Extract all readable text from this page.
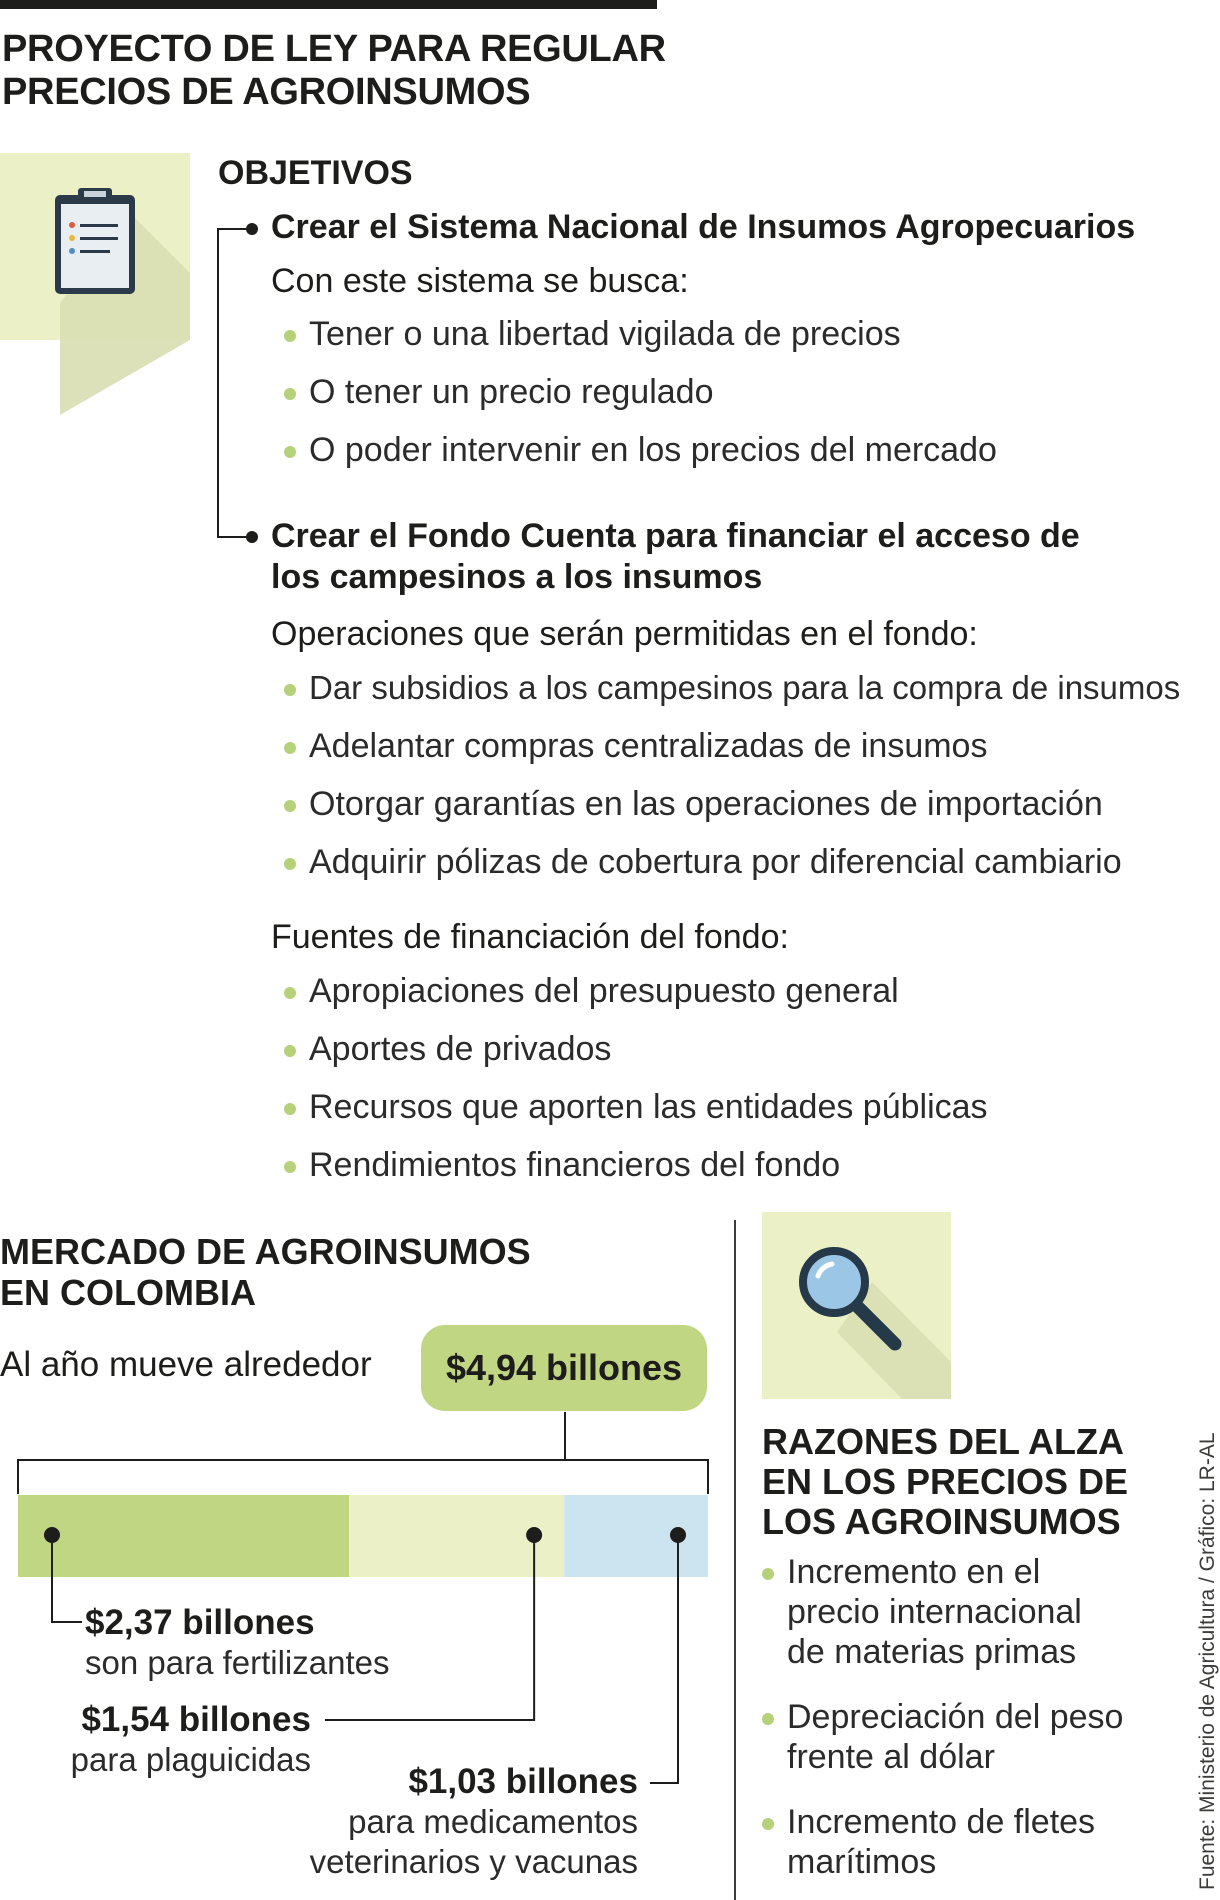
PROYECTO DE LEY PARA REGULAR
PRECIOS DE AGROINSUMOS
OBJETIVOS
Crear el Sistema Nacional de Insumos Agropecuarios
Con este sistema se busca:
Tener o una libertad vigilada de precios
O tener un precio regulado
O poder intervenir en los precios del mercado
Crear el Fondo Cuenta para financiar el acceso de
los campesinos a los insumos
Operaciones que serán permitidas en el fondo:
Dar subsidios a los campesinos para la compra de insumos
Adelantar compras centralizadas de insumos
Otorgar garantías en las operaciones de importación
Adquirir pólizas de cobertura por diferencial cambiario
Fuentes de financiación del fondo:
Apropiaciones del presupuesto general
Aportes de privados
Recursos que aporten las entidades públicas
Rendimientos financieros del fondo
MERCADO DE AGROINSUMOS
EN COLOMBIA
Al año mueve alrededor	$4,94 billones
$2,37 billones
son para fertilizantes
$1,54 billones
para plaguicidas
$1,03 billones
para medicamentos
veterinarios y vacunas
RAZONES DEL ALZA
EN LOS PRECIOS DE
LOS AGROINSUMOS
Incremento en el
precio internacional
de materias primas
Depreciación del peso
frente al dólar
Incremento de fletes
marítimos	Fuente: Ministerio de Agricultura / Gráfico: LR-AL
